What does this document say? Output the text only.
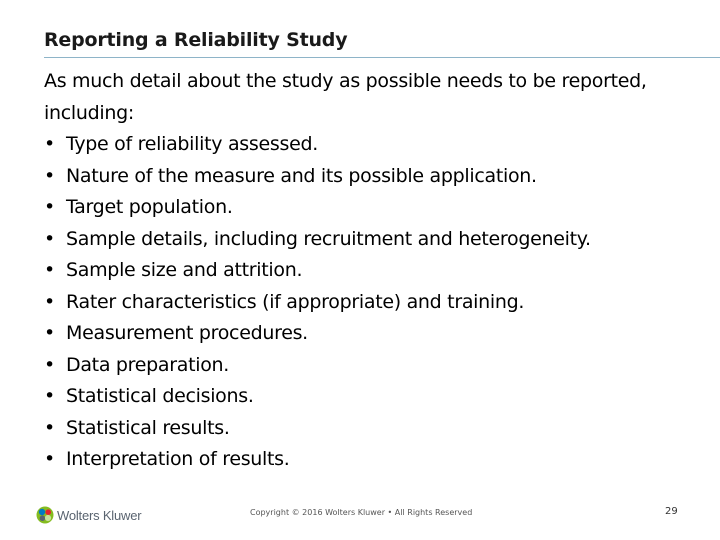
Reporting a Reliability Study

As much detail about the study as possible needs to be reported,
including:

• Type of reliability assessed.
• Nature of the measure and its possible application.
• Target population.
• Sample details, including recruitment and heterogeneity.
• Sample size and attrition.
• Rater characteristics (if appropriate) and training.
• Measurement procedures.
• Data preparation.
• Statistical decisions.
• Statistical results.
• Interpretation of results.
Wolters Kluwer	Copyright © 2016 Wolters Kluwer • All Rights Reserved	29
